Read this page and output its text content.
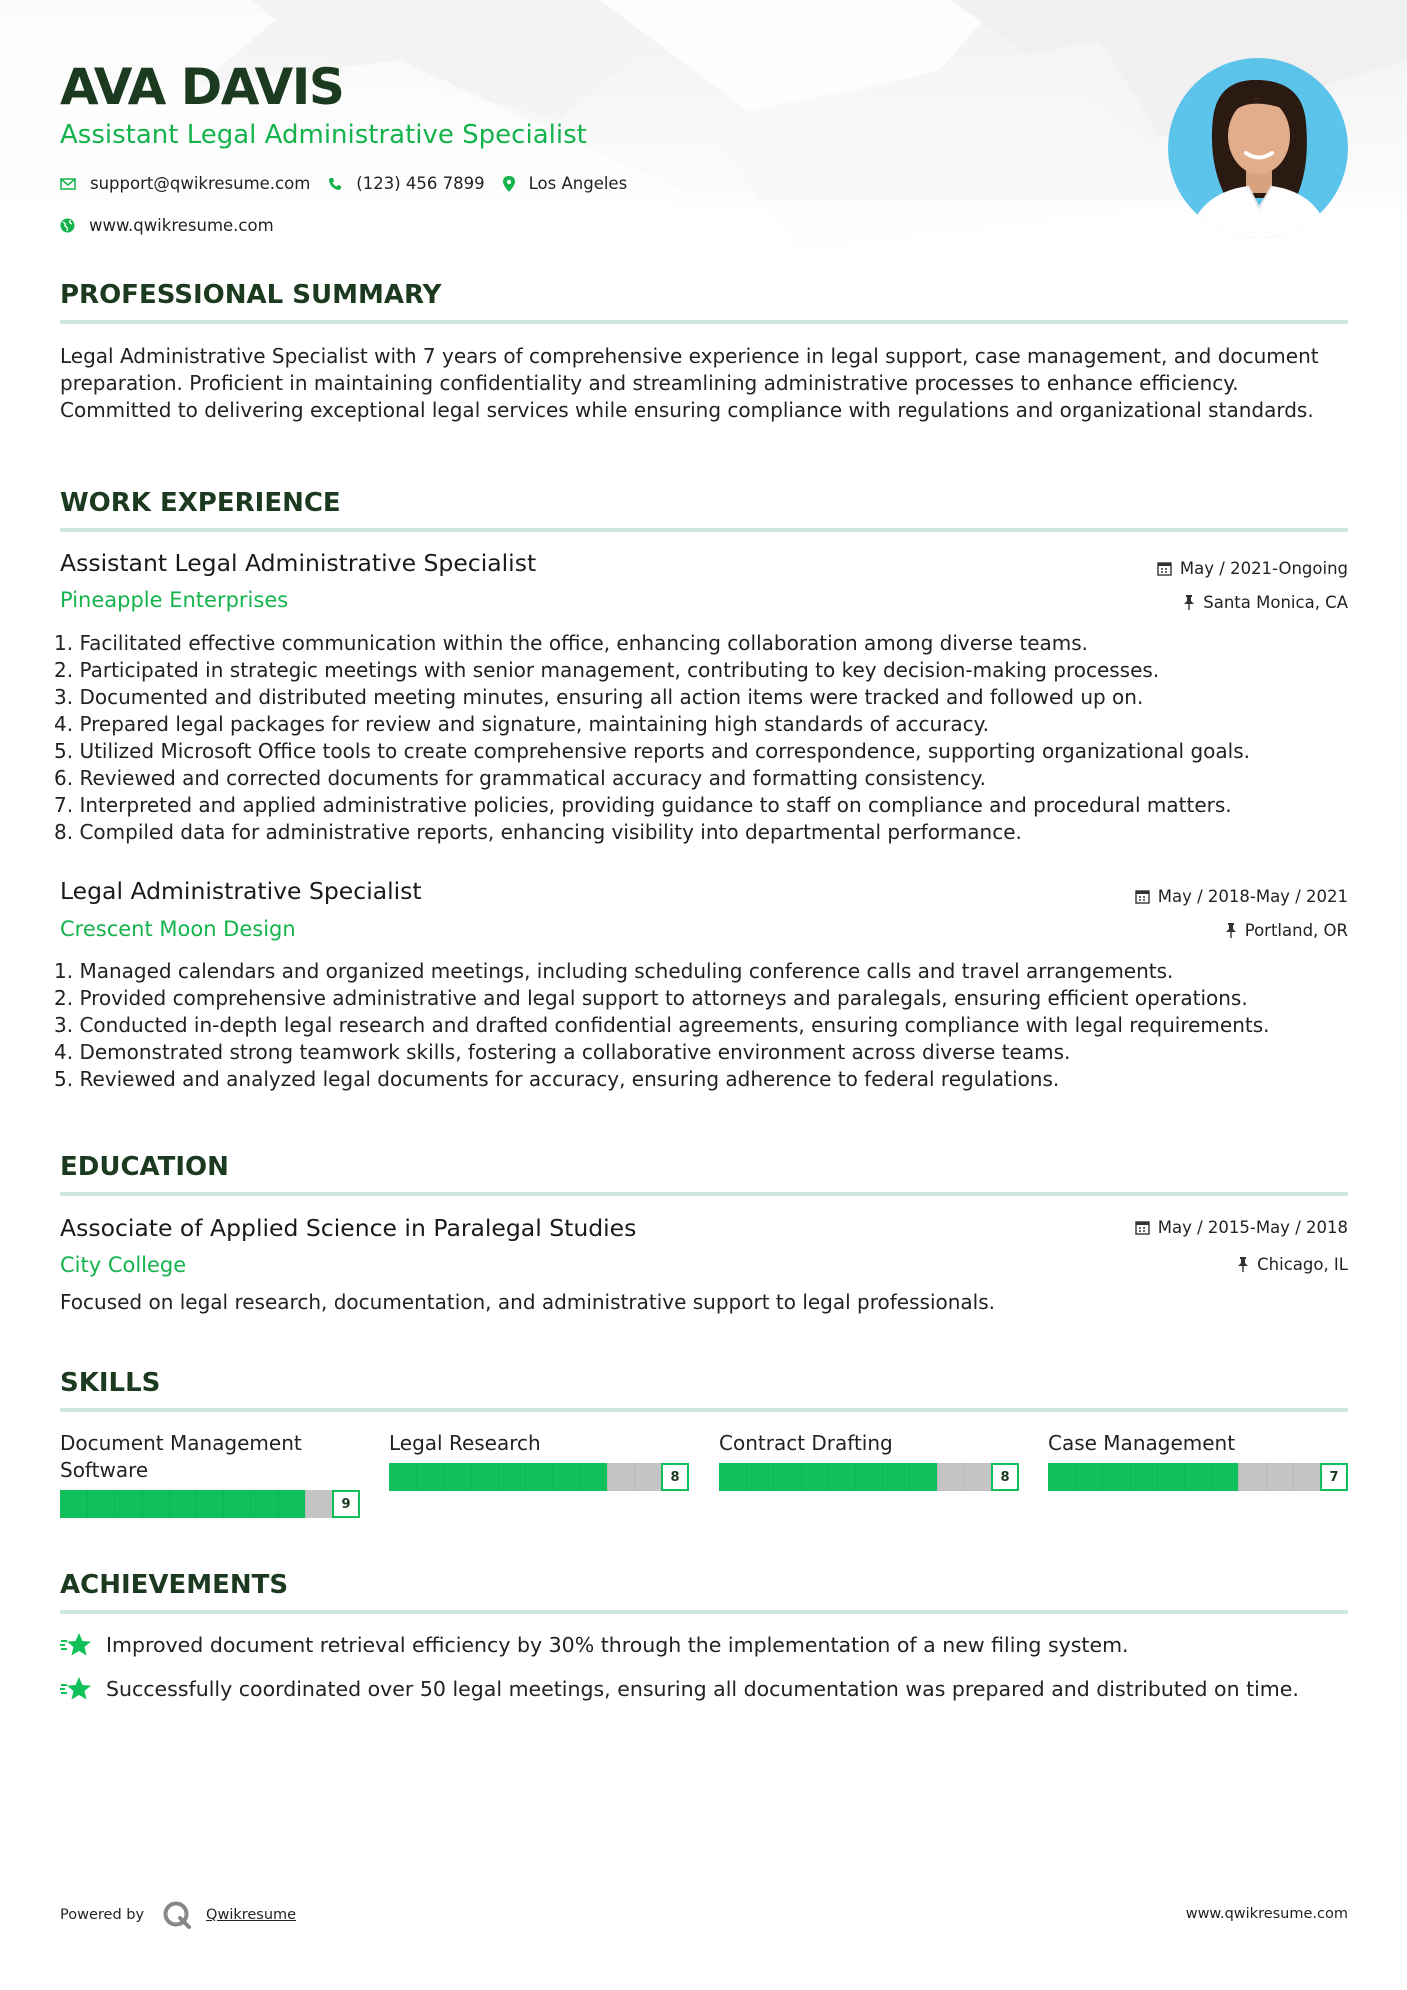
AVA DAVIS
Assistant Legal Administrative Specialist
support@qwikresume.com	(123) 456 7899	Los Angeles
www.qwikresume.com
PROFESSIONAL SUMMARY

Legal Administrative Specialist with 7 years of comprehensive experience in legal support, case management, and document preparation. Proficient in maintaining confidentiality and streamlining administrative processes to enhance efficiency. Committed to delivering exceptional legal services while ensuring compliance with regulations and organizational standards.

WORK EXPERIENCE
Assistant Legal Administrative Specialist	May / 2021-Ongoing
Pineapple Enterprises	Santa Monica, CA
1. Facilitated effective communication within the office, enhancing collaboration among diverse teams.
2. Participated in strategic meetings with senior management, contributing to key decision-making processes.
3. Documented and distributed meeting minutes, ensuring all action items were tracked and followed up on.
4. Prepared legal packages for review and signature, maintaining high standards of accuracy.
5. Utilized Microsoft Office tools to create comprehensive reports and correspondence, supporting organizational goals.
6. Reviewed and corrected documents for grammatical accuracy and formatting consistency.
7. Interpreted and applied administrative policies, providing guidance to staff on compliance and procedural matters.
8. Compiled data for administrative reports, enhancing visibility into departmental performance.
Legal Administrative Specialist	May / 2018-May / 2021
Crescent Moon Design	Portland, OR
1. Managed calendars and organized meetings, including scheduling conference calls and travel arrangements.
2. Provided comprehensive administrative and legal support to attorneys and paralegals, ensuring efficient operations.
3. Conducted in-depth legal research and drafted confidential agreements, ensuring compliance with legal requirements.
4. Demonstrated strong teamwork skills, fostering a collaborative environment across diverse teams.
5. Reviewed and analyzed legal documents for accuracy, ensuring adherence to federal regulations.
EDUCATION
Associate of Applied Science in Paralegal Studies	May / 2015-May / 2018
City College	Chicago, IL
Focused on legal research, documentation, and administrative support to legal professionals.
SKILLS
Document Management Software
9
Legal Research
8
Contract Drafting
8
Case Management
7
ACHIEVEMENTS
Improved document retrieval efficiency by 30% through the implementation of a new filing system.
Successfully coordinated over 50 legal meetings, ensuring all documentation was prepared and distributed on time.
Powered by	Qwikresume	www.qwikresume.com
